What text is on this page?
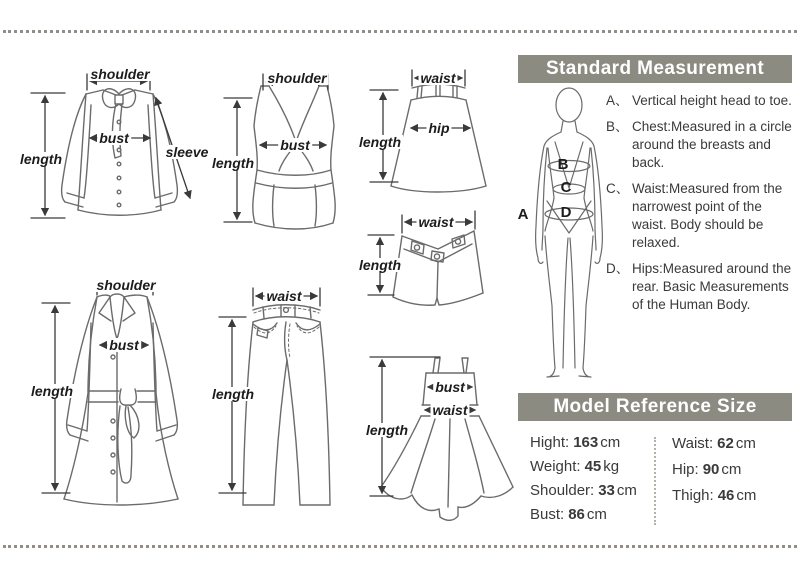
shoulder
bust
sleeve
length
shoulder
bust
length
waist
hip
length
waist
length
shoulder
bust
length
waist
length	bust
waist
length
Standard Measurement
A
B
C
D
A、 Vertical height head to toe.
B、 Chest:Measured in a circle around the breasts and back.
C、 Waist:Measured from the narrowest point of the waist. Body should be relaxed.
D、 Hips:Measured around the rear. Basic Measurements of the Human Body.
Model Reference Size
Hight: 163 cm
Weight: 45 kg
Shoulder: 33 cm
Bust: 86 cm
Waist: 62 cm
Hip: 90 cm
Thigh: 46 cm
